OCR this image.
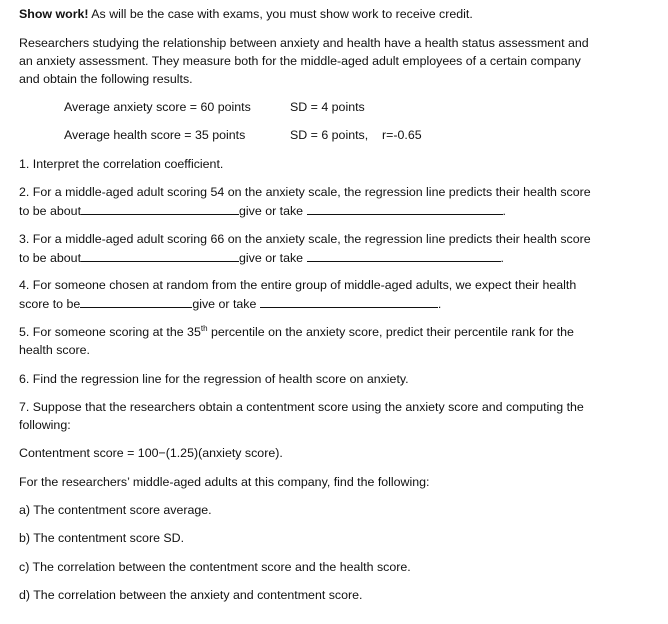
Show work! As will be the case with exams, you must show work to receive credit.
Researchers studying the relationship between anxiety and health have a health status assessment and
an anxiety assessment. They measure both for the middle-aged adult employees of a certain company
and obtain the following results.
Average anxiety score = 60 points	SD = 4 points
Average health score = 35 points	SD = 6 points, r=-0.65
1. Interpret the correlation coefficient.
2. For a middle-aged adult scoring 54 on the anxiety scale, the regression line predicts their health score
to be about	give or take	.
3. For a middle-aged adult scoring 66 on the anxiety scale, the regression line predicts their health score
to be about	give or take	.
4. For someone chosen at random from the entire group of middle-aged adults, we expect their health
score to be	give or take	.
5. For someone scoring at the 35th percentile on the anxiety score, predict their percentile rank for the
health score.
6. Find the regression line for the regression of health score on anxiety.
7. Suppose that the researchers obtain a contentment score using the anxiety score and computing the
following:
Contentment score = 100−(1.25)(anxiety score).
For the researchers’ middle-aged adults at this company, find the following:
a) The contentment score average.
b) The contentment score SD.
c) The correlation between the contentment score and the health score.
d) The correlation between the anxiety and contentment score.
